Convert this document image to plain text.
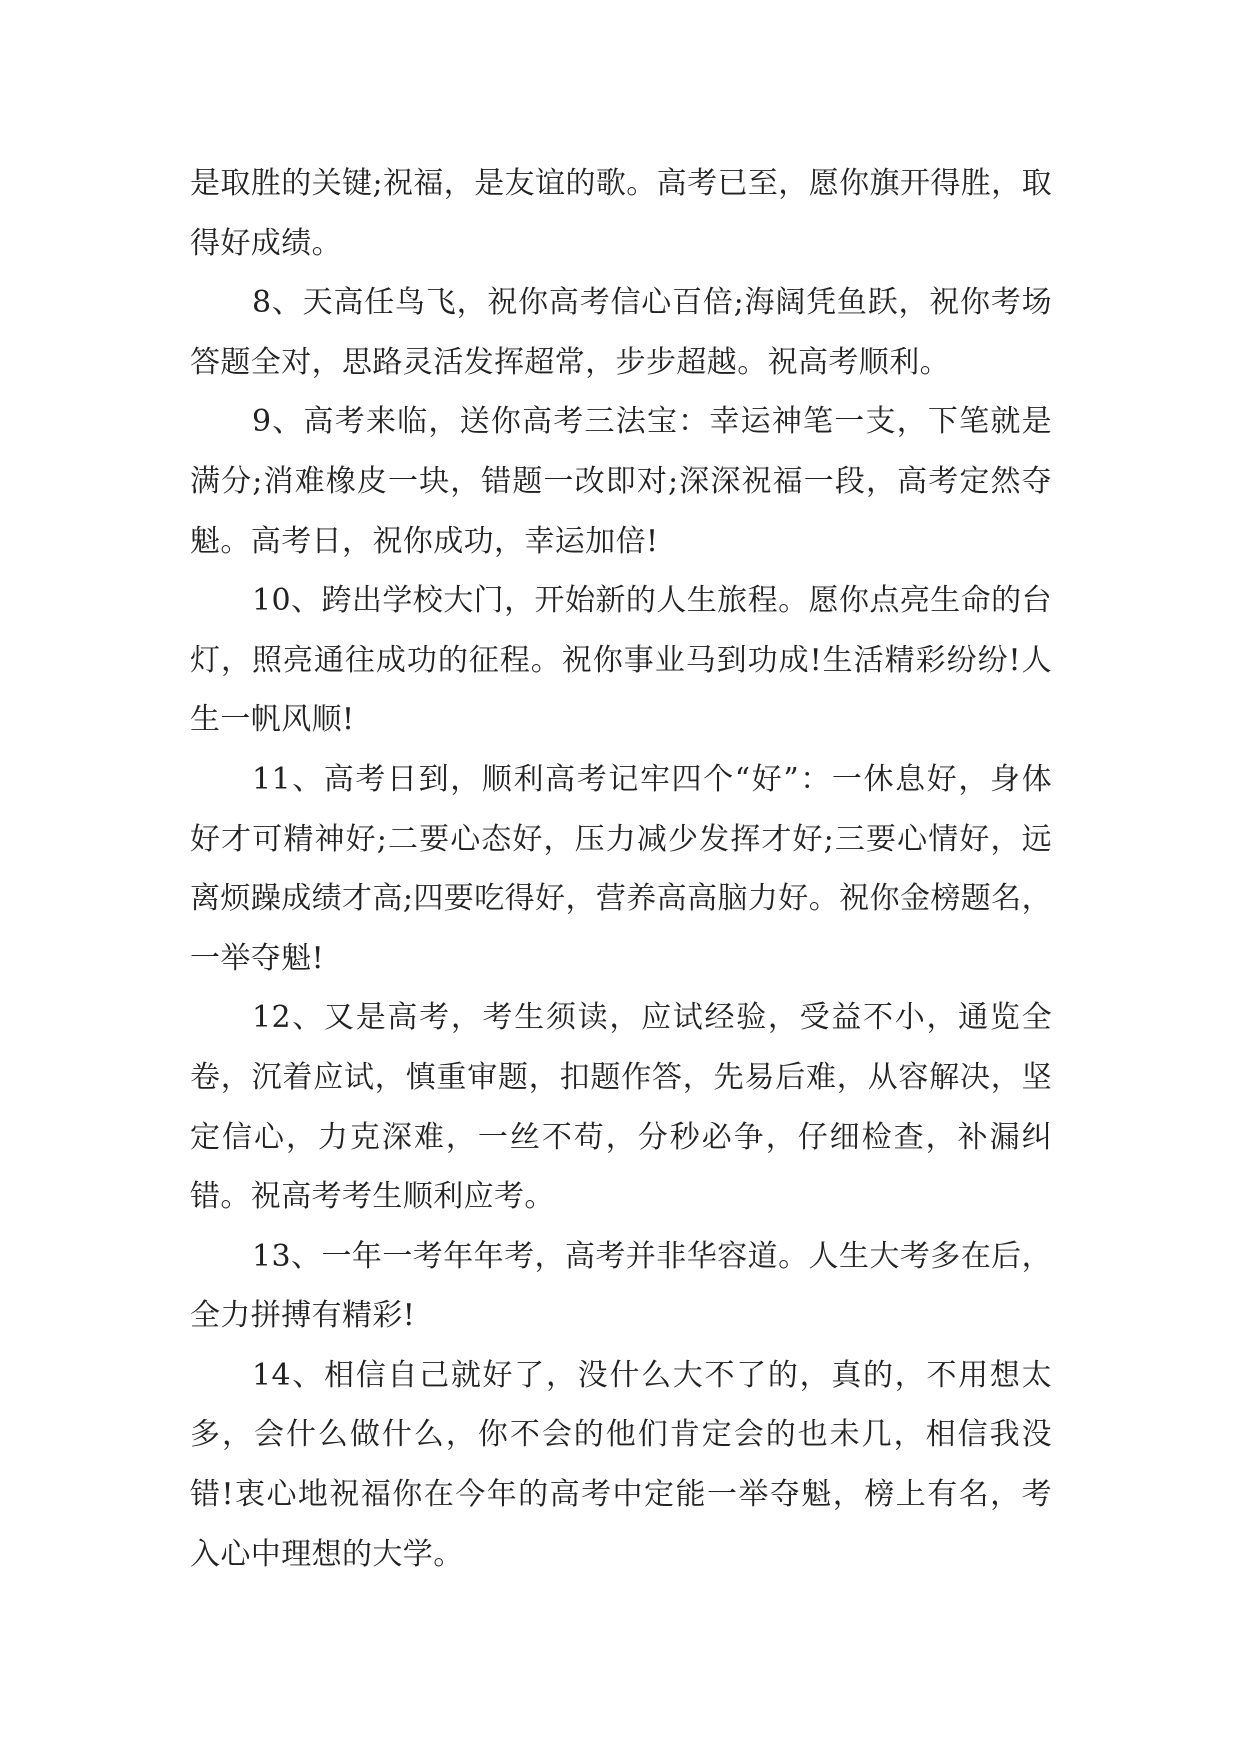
是取胜的关键;祝福，是友谊的歌。高考已至，愿你旗开得胜，取得好成绩。

8、天高任鸟飞，祝你高考信心百倍;海阔凭鱼跃，祝你考场答题全对，思路灵活发挥超常，步步超越。祝高考顺利。

9、高考来临，送你高考三法宝：幸运神笔一支，下笔就是满分;消难橡皮一块，错题一改即对;深深祝福一段，高考定然夺魁。高考日，祝你成功，幸运加倍!

10、跨出学校大门，开始新的人生旅程。愿你点亮生命的台灯，照亮通往成功的征程。祝你事业马到功成!生活精彩纷纷!人生一帆风顺!

11、高考日到，顺利高考记牢四个“好”：一休息好，身体好才可精神好;二要心态好，压力减少发挥才好;三要心情好，远离烦躁成绩才高;四要吃得好，营养高高脑力好。祝你金榜题名，一举夺魁!

12、又是高考，考生须读，应试经验，受益不小，通览全卷，沉着应试，慎重审题，扣题作答，先易后难，从容解决，坚定信心，力克深难，一丝不苟，分秒必争，仔细检查，补漏纠错。祝高考考生顺利应考。

13、一年一考年年考，高考并非华容道。人生大考多在后，全力拼搏有精彩!

14、相信自己就好了，没什么大不了的，真的，不用想太多，会什么做什么，你不会的他们肯定会的也未几，相信我没错!衷心地祝福你在今年的高考中定能一举夺魁，榜上有名，考入心中理想的大学。
